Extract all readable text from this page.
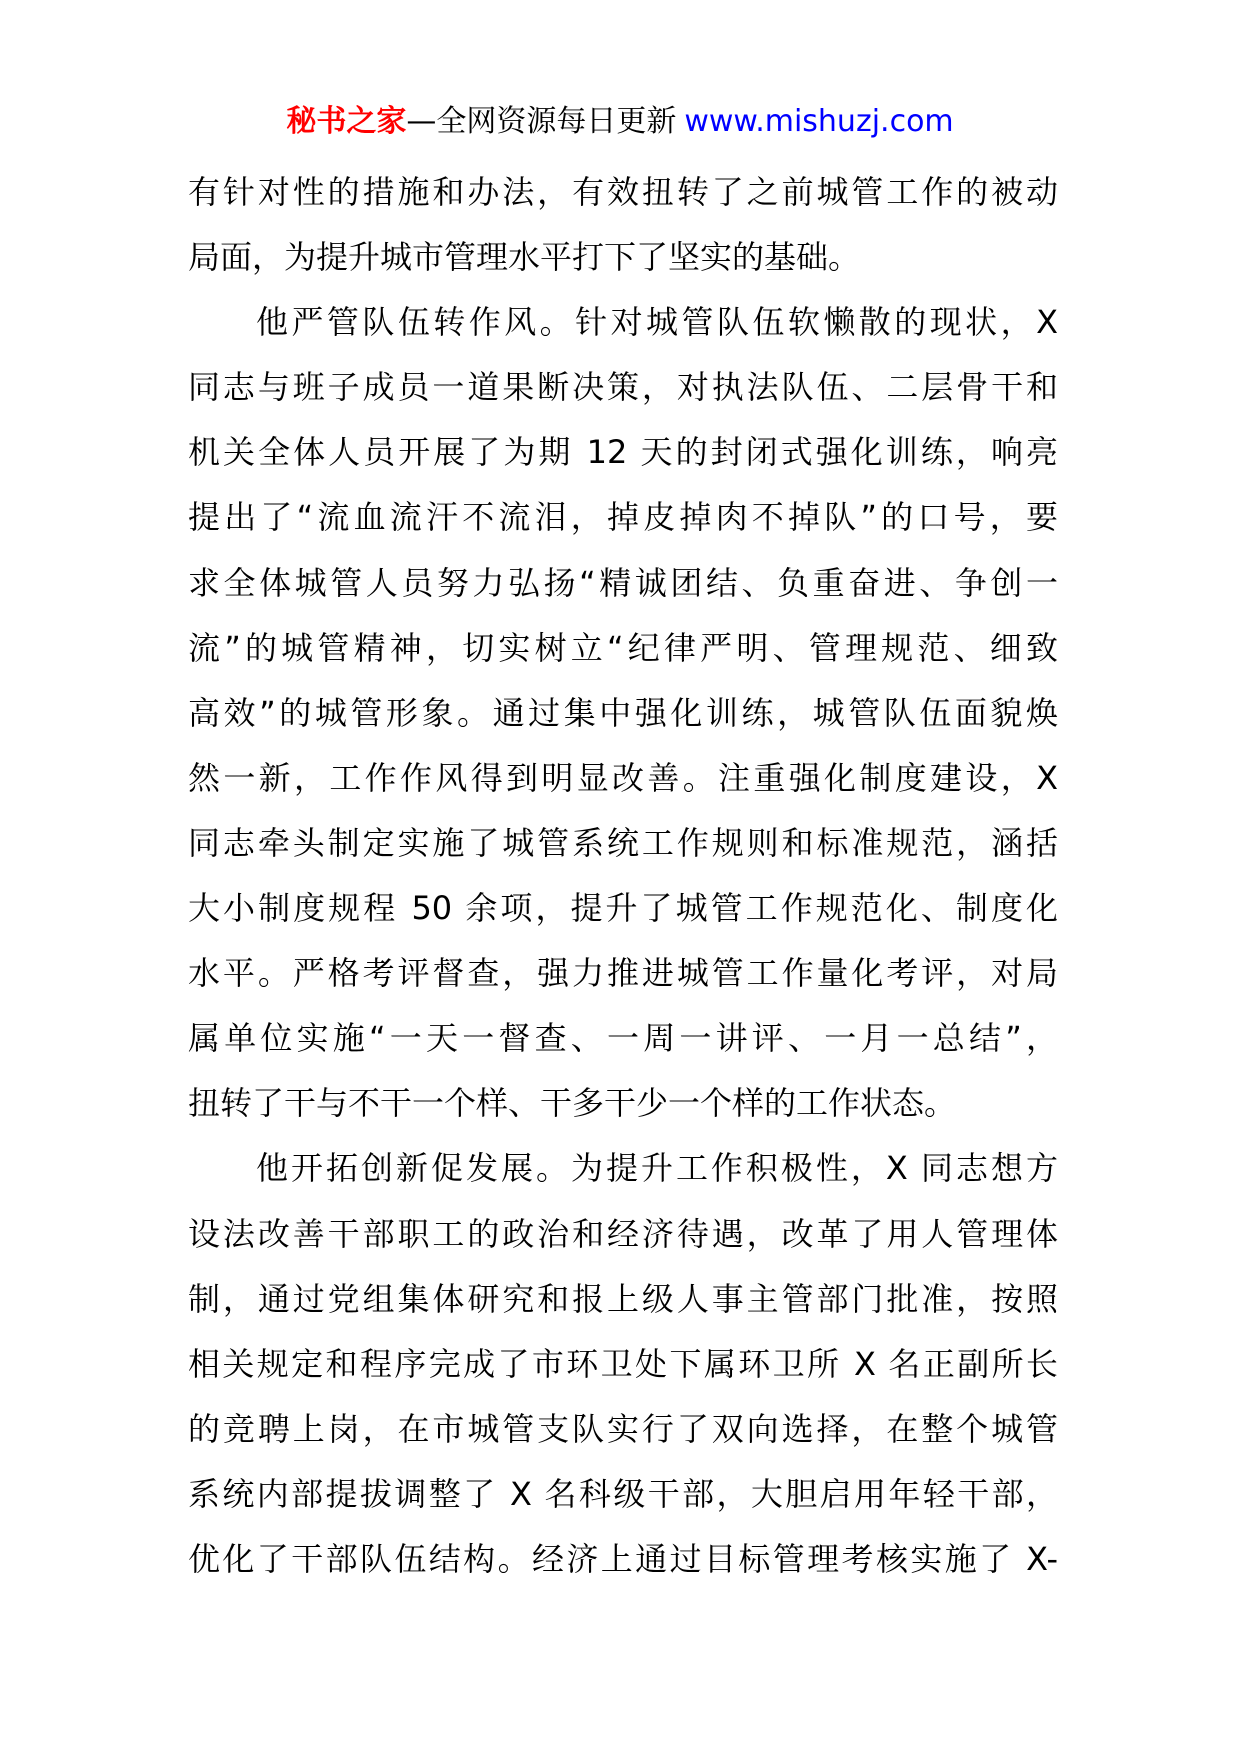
秘书之家—全网资源每日更新 www.mishuzj.com
有针对性的措施和办法，有效扭转了之前城管工作的被动
局面，为提升城市管理水平打下了坚实的基础。
他严管队伍转作风。针对城管队伍软懒散的现状，X
同志与班子成员一道果断决策，对执法队伍、二层骨干和
机关全体人员开展了为期 12 天的封闭式强化训练，响亮
提出了“流血流汗不流泪，掉皮掉肉不掉队”的口号，要
求全体城管人员努力弘扬“精诚团结、负重奋进、争创一
流”的城管精神，切实树立“纪律严明、管理规范、细致
高效”的城管形象。通过集中强化训练，城管队伍面貌焕
然一新，工作作风得到明显改善。注重强化制度建设，X
同志牵头制定实施了城管系统工作规则和标准规范，涵括
大小制度规程 50 余项，提升了城管工作规范化、制度化
水平。严格考评督查，强力推进城管工作量化考评，对局
属单位实施“一天一督查、一周一讲评、一月一总结”，
扭转了干与不干一个样、干多干少一个样的工作状态。
他开拓创新促发展。为提升工作积极性，X 同志想方
设法改善干部职工的政治和经济待遇，改革了用人管理体
制，通过党组集体研究和报上级人事主管部门批准，按照
相关规定和程序完成了市环卫处下属环卫所 X 名正副所长
的竞聘上岗，在市城管支队实行了双向选择，在整个城管
系统内部提拔调整了 X 名科级干部，大胆启用年轻干部，
优化了干部队伍结构。经济上通过目标管理考核实施了 X-
